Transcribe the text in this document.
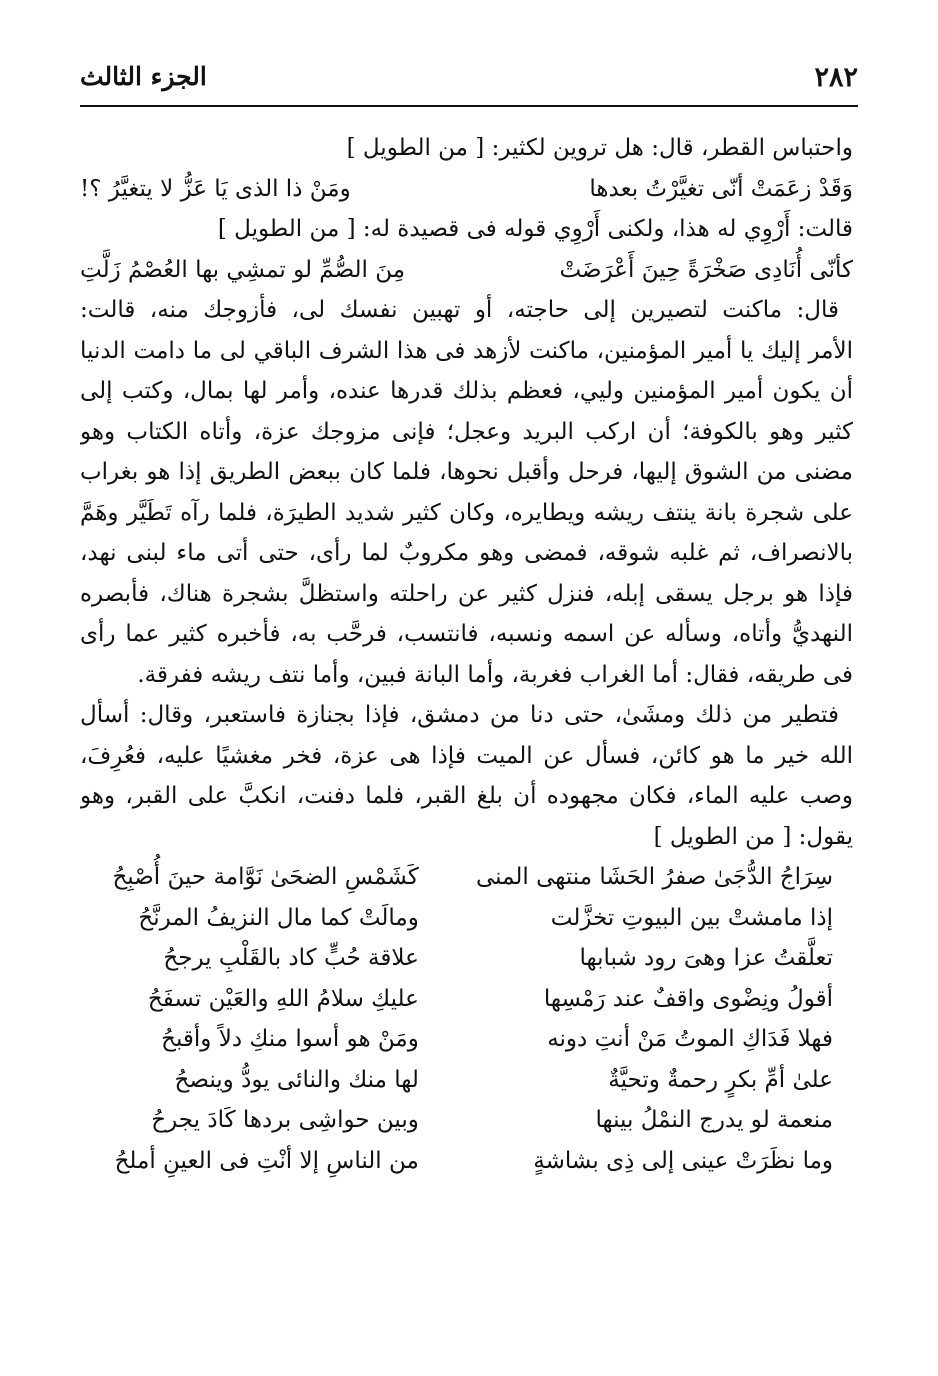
٢٨٢
الجزء الثالث
واحتباس القطر، قال: هل تروين لكثير: [ من الطويل ]
وَقَدْ زعَمَتْ أنّى تغيَّرْتُ بعدها
ومَنْ ذا الذى يَا عَزُّ لا يتغيَّرُ ؟!
قالت: أَرْوِي له هذا، ولكنى أَرْوِي قوله فى قصيدة له: [ من الطويل ]
كأنّى أُنَادِى صَخْرَةً حِينَ أَعْرَضَتْ
مِنَ الصُّمِّ لو تمشِي بها العُصْمُ زَلَّتِ
قال: ماكنت لتصيرين إلى حاجته، أو تهبين نفسك لى، فأزوجك منه، قالت:
الأمر إليك يا أمير المؤمنين، ماكنت لأزهد فى هذا الشرف الباقي لى ما دامت الدنيا
أن يكون أمير المؤمنين وليي، فعظم بذلك قدرها عنده، وأمر لها بمال، وكتب إلى
كثير وهو بالكوفة؛ أن اركب البريد وعجل؛ فإنى مزوجك عزة، وأتاه الكتاب وهو
مضنى من الشوق إليها، فرحل وأقبل نحوها، فلما كان ببعض الطريق إذا هو بغراب
على شجرة بانة ينتف ريشه ويطايره، وكان كثير شديد الطيرَة، فلما رآه تَطَيَّر وهَمَّ
بالانصراف، ثم غلبه شوقه، فمضى وهو مكروبٌ لما رأى، حتى أتى ماء لبنى نهد،
فإذا هو برجل يسقى إبله، فنزل كثير عن راحلته واستظلَّ بشجرة هناك، فأبصره
النهديُّ وأتاه، وسأله عن اسمه ونسبه، فانتسب، فرحَّب به، فأخبره كثير عما رأى
فى طريقه، فقال: أما الغراب فغربة، وأما البانة فبين، وأما نتف ريشه ففرقة.
فتطير من ذلك ومشَىٰ، حتى دنا من دمشق، فإذا بجنازة فاستعبر، وقال: أسأل
الله خير ما هو كائن، فسأل عن الميت فإذا هى عزة، فخر مغشيًا عليه، فعُرِفَ،
وصب عليه الماء، فكان مجهوده أن بلغ القبر، فلما دفنت، انكبَّ على القبر، وهو
يقول: [ من الطويل ]
سِرَاجُ الدُّجَىٰ صفرُ الحَشَا منتهى المنى
كَشَمْسِ الضحَىٰ نَوَّامة حينَ أُصْبِحُ
إذا مامشتْ بين البيوتِ تخزَّلت
ومالَتْ كما مال النزيفُ المرنَّحُ
تعلَّقتُ عزا وهىَ رود شبابها
علاقة حُبٍّ كاد بالقَلْبِ يرجحُ
أقولُ ونِضْوى واقفٌ عند رَمْسِها
عليكِ سلامُ اللهِ والعَيْن تسفَحُ
فهلا فَدَاكِ الموتُ مَنْ أنتِ دونه
ومَنْ هو أسوا منكِ دلاً وأقبحُ
علىٰ أمِّ بكرٍ رحمةٌ وتحيَّةٌ
لها منك والنائى يودُّ وينصحُ
منعمة لو يدرج النمْلُ بينها
وبين حواشِى بردها كَادَ يجرحُ
وما نظَرَتْ عينى إلى ذِى بشاشةٍ
من الناسِ إلا أنْتِ فى العينِ أملحُ
